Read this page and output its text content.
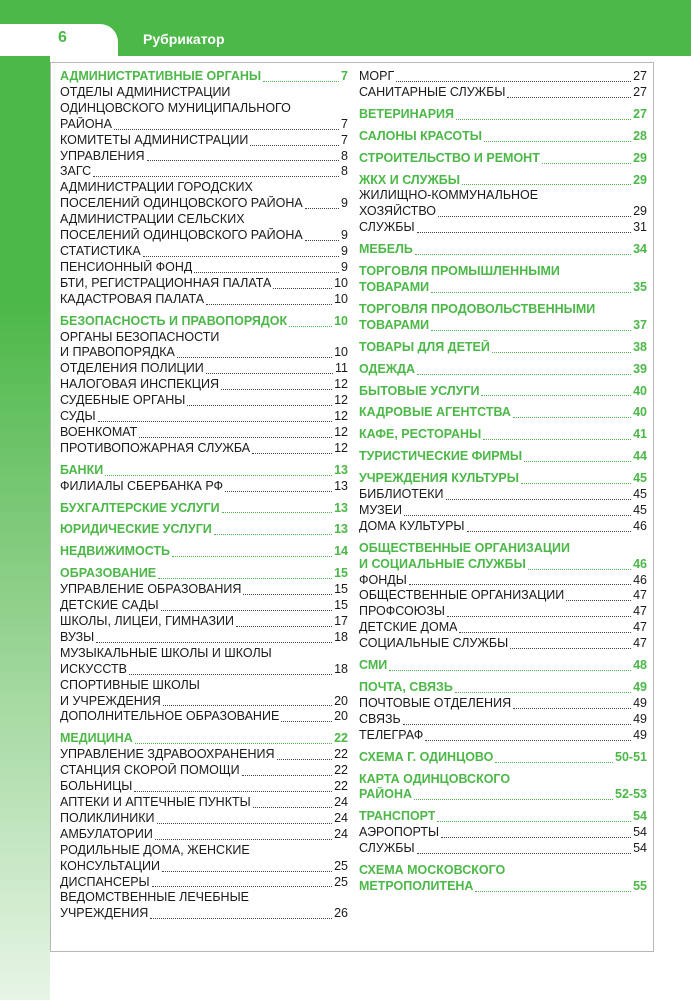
6	Рубрикатор
АДМИНИСТРАТИВНЫЕ ОРГАНЫ	7
ОТДЕЛЫ АДМИНИСТРАЦИИ
ОДИНЦОВСКОГО МУНИЦИПАЛЬНОГО
РАЙОНА	7
КОМИТЕТЫ АДМИНИСТРАЦИИ	7
УПРАВЛЕНИЯ	8
ЗАГС	8
АДМИНИСТРАЦИИ ГОРОДСКИХ
ПОСЕЛЕНИЙ ОДИНЦОВСКОГО РАЙОНА	9
АДМИНИСТРАЦИИ СЕЛЬСКИХ
ПОСЕЛЕНИЙ ОДИНЦОВСКОГО РАЙОНА	9
СТАТИСТИКА	9
ПЕНСИОННЫЙ ФОНД	9
БТИ, РЕГИСТРАЦИОННАЯ ПАЛАТА	10
КАДАСТРОВАЯ ПАЛАТА	10
БЕЗОПАСНОСТЬ И ПРАВОПОРЯДОК	10
ОРГАНЫ БЕЗОПАСНОСТИ
И ПРАВОПОРЯДКА	10
ОТДЕЛЕНИЯ ПОЛИЦИИ	11
НАЛОГОВАЯ ИНСПЕКЦИЯ	12
СУДЕБНЫЕ ОРГАНЫ	12
СУДЫ	12
ВОЕНКОМАТ	12
ПРОТИВОПОЖАРНАЯ СЛУЖБА	12
БАНКИ	13
ФИЛИАЛЫ СБЕРБАНКА РФ	13
БУХГАЛТЕРСКИЕ УСЛУГИ	13
ЮРИДИЧЕСКИЕ УСЛУГИ	13
НЕДВИЖИМОСТЬ	14
ОБРАЗОВАНИЕ	15
УПРАВЛЕНИЕ ОБРАЗОВАНИЯ	15
ДЕТСКИЕ САДЫ	15
ШКОЛЫ, ЛИЦЕИ, ГИМНАЗИИ	17
ВУЗЫ	18
МУЗЫКАЛЬНЫЕ ШКОЛЫ И ШКОЛЫ
ИСКУССТВ	18
СПОРТИВНЫЕ ШКОЛЫ
И УЧРЕЖДЕНИЯ	20
ДОПОЛНИТЕЛЬНОЕ ОБРАЗОВАНИЕ	20
МЕДИЦИНА	22
УПРАВЛЕНИЕ ЗДРАВООХРАНЕНИЯ	22
СТАНЦИЯ СКОРОЙ ПОМОЩИ	22
БОЛЬНИЦЫ	22
АПТЕКИ И АПТЕЧНЫЕ ПУНКТЫ	24
ПОЛИКЛИНИКИ	24
АМБУЛАТОРИИ	24
РОДИЛЬНЫЕ ДОМА, ЖЕНСКИЕ
КОНСУЛЬТАЦИИ	25
ДИСПАНСЕРЫ	25
ВЕДОМСТВЕННЫЕ ЛЕЧЕБНЫЕ
УЧРЕЖДЕНИЯ	26
МОРГ	27
САНИТАРНЫЕ СЛУЖБЫ	27
ВЕТЕРИНАРИЯ	27
САЛОНЫ КРАСОТЫ	28
СТРОИТЕЛЬСТВО И РЕМОНТ	29
ЖКХ И СЛУЖБЫ	29
ЖИЛИЩНО-КОММУНАЛЬНОЕ
ХОЗЯЙСТВО	29
СЛУЖБЫ	31
МЕБЕЛЬ	34
ТОРГОВЛЯ ПРОМЫШЛЕННЫМИ
ТОВАРАМИ	35
ТОРГОВЛЯ ПРОДОВОЛЬСТВЕННЫМИ
ТОВАРАМИ	37
ТОВАРЫ ДЛЯ ДЕТЕЙ	38
ОДЕЖДА	39
БЫТОВЫЕ УСЛУГИ	40
КАДРОВЫЕ АГЕНТСТВА	40
КАФЕ, РЕСТОРАНЫ	41
ТУРИСТИЧЕСКИЕ ФИРМЫ	44
УЧРЕЖДЕНИЯ КУЛЬТУРЫ	45
БИБЛИОТЕКИ	45
МУЗЕИ	45
ДОМА КУЛЬТУРЫ	46
ОБЩЕСТВЕННЫЕ ОРГАНИЗАЦИИ
И СОЦИАЛЬНЫЕ СЛУЖБЫ	46
ФОНДЫ	46
ОБЩЕСТВЕННЫЕ ОРГАНИЗАЦИИ	47
ПРОФСОЮЗЫ	47
ДЕТСКИЕ ДОМА	47
СОЦИАЛЬНЫЕ СЛУЖБЫ	47
СМИ	48
ПОЧТА, СВЯЗЬ	49
ПОЧТОВЫЕ ОТДЕЛЕНИЯ	49
СВЯЗЬ	49
ТЕЛЕГРАФ	49
СХЕМА Г. ОДИНЦОВО	50-51
КАРТА ОДИНЦОВСКОГО
РАЙОНА	52-53
ТРАНСПОРТ	54
АЭРОПОРТЫ	54
СЛУЖБЫ	54
СХЕМА МОСКОВСКОГО
МЕТРОПОЛИТЕНА	55
